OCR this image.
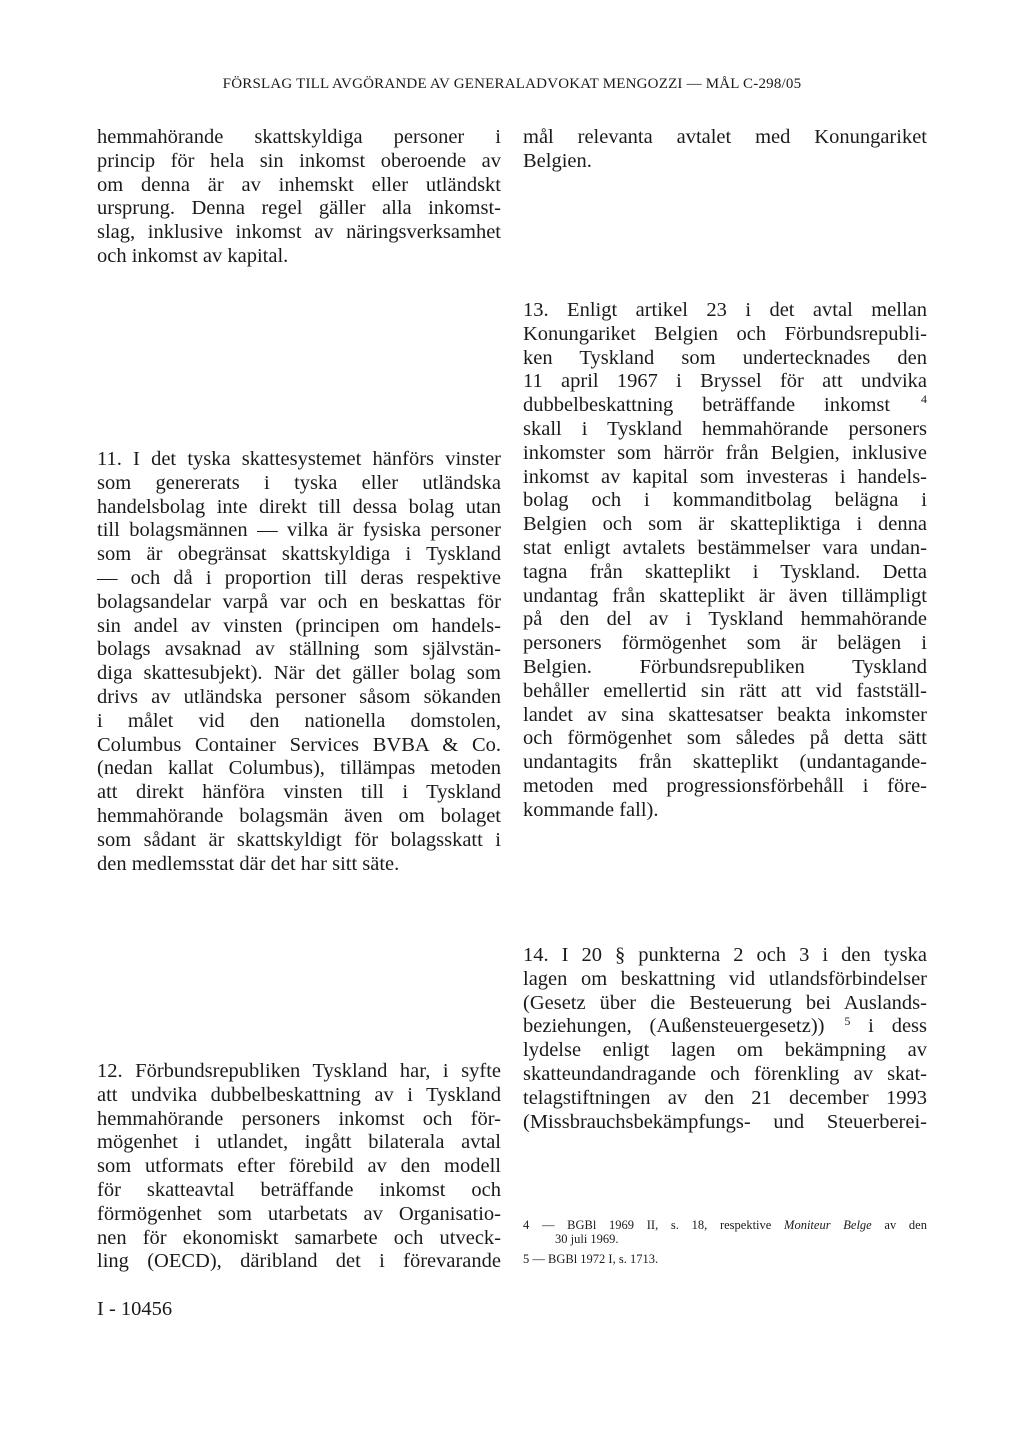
FÖRSLAG TILL AVGÖRANDE AV GENERALADVOKAT MENGOZZI — MÅL C-298/05
hemmahörande skattskyldiga personer i
princip för hela sin inkomst oberoende av
om denna är av inhemskt eller utländskt
ursprung. Denna regel gäller alla inkomst-
slag, inklusive inkomst av näringsverksamhet
och inkomst av kapital.
11. I det tyska skattesystemet hänförs vinster
som genererats i tyska eller utländska
handelsbolag inte direkt till dessa bolag utan
till bolagsmännen — vilka är fysiska personer
som är obegränsat skattskyldiga i Tyskland
— och då i proportion till deras respektive
bolagsandelar varpå var och en beskattas för
sin andel av vinsten (principen om handels-
bolags avsaknad av ställning som självstän-
diga skattesubjekt). När det gäller bolag som
drivs av utländska personer såsom sökanden
i målet vid den nationella domstolen,
Columbus Container Services BVBA & Co.
(nedan kallat Columbus), tillämpas metoden
att direkt hänföra vinsten till i Tyskland
hemmahörande bolagsmän även om bolaget
som sådant är skattskyldigt för bolagsskatt i
den medlemsstat där det har sitt säte.
12. Förbundsrepubliken Tyskland har, i syfte
att undvika dubbelbeskattning av i Tyskland
hemmahörande personers inkomst och för-
mögenhet i utlandet, ingått bilaterala avtal
som utformats efter förebild av den modell
för skatteavtal beträffande inkomst och
förmögenhet som utarbetats av Organisatio-
nen för ekonomiskt samarbete och utveck-
ling (OECD), däribland det i förevarande
mål relevanta avtalet med Konungariket
Belgien.
13. Enligt artikel 23 i det avtal mellan
Konungariket Belgien och Förbundsrepubli-
ken Tyskland som undertecknades den
11 april 1967 i Bryssel för att undvika
dubbelbeskattning beträffande inkomst	$^4$
skall i Tyskland hemmahörande personers
inkomster som härrör från Belgien, inklusive
inkomst av kapital som investeras i handels-
bolag och i kommanditbolag belägna i
Belgien och som är skattepliktiga i denna
stat enligt avtalets bestämmelser vara undan-
tagna från skatteplikt i Tyskland. Detta
undantag från skatteplikt är även tillämpligt
på den del av i Tyskland hemmahörande
personers förmögenhet som är belägen i
Belgien. Förbundsrepubliken Tyskland
behåller emellertid sin rätt att vid fastställ-
landet av sina skattesatser beakta inkomster
och förmögenhet som således på detta sätt
undantagits från skatteplikt (undantagande-
metoden med progressionsförbehåll i före-
kommande fall).
14. I 20 § punkterna 2 och 3 i den tyska
lagen om beskattning vid utlandsförbindelser
(Gesetz über die Besteuerung bei Auslands-
beziehungen, (Außensteuergesetz)) $^5$ i dess
lydelse enligt lagen om bekämpning av
skatteundandragande och förenkling av skat-
telagstiftningen av den 21 december 1993
(Missbrauchsbekämpfungs- und Steuerberei-
4 — BGBl 1969 II, s. 18, respektive Moniteur Belge av den
30 juli 1969.
5 — BGBl 1972 I, s. 1713.
I - 10456
